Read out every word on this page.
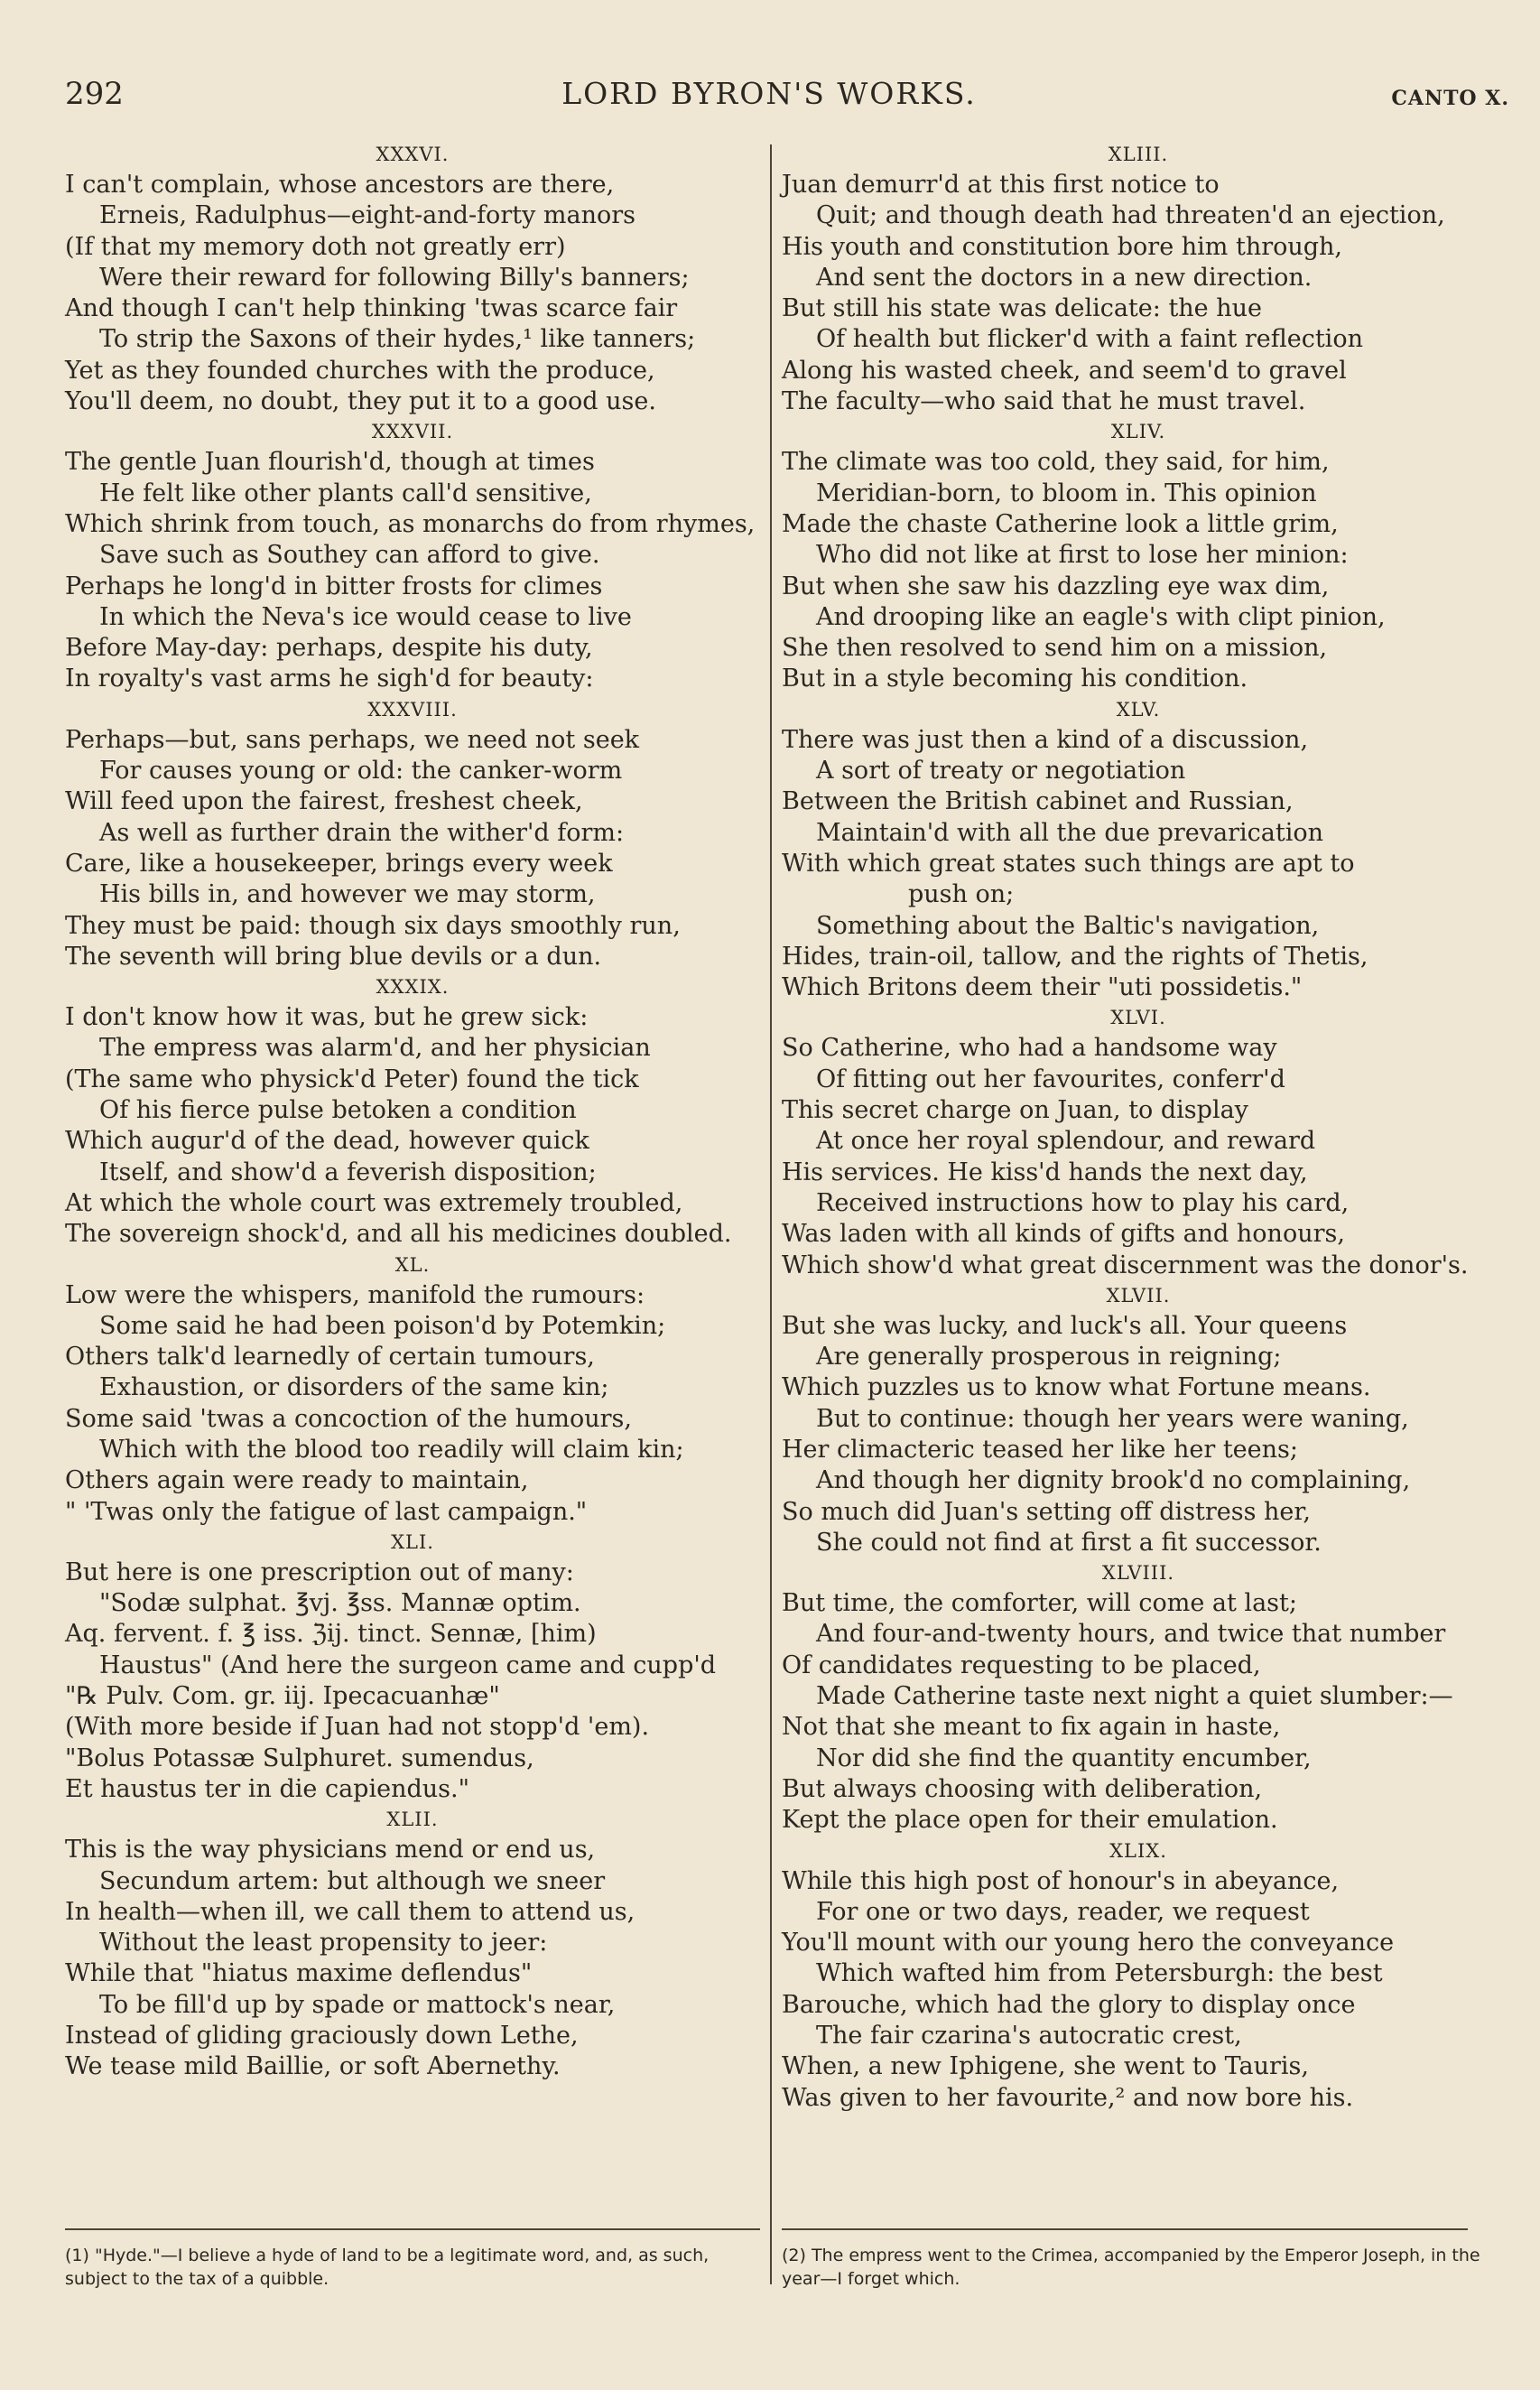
292	LORD BYRON'S WORKS.	CANTO X.
XXXVI.
I can't complain, whose ancestors are there,
Erneis, Radulphus—eight-and-forty manors
(If that my memory doth not greatly err)
Were their reward for following Billy's banners;
And though I can't help thinking 'twas scarce fair
To strip the Saxons of their hydes,¹ like tanners;
Yet as they founded churches with the produce,
You'll deem, no doubt, they put it to a good use.
XXXVII.
The gentle Juan flourish'd, though at times
He felt like other plants call'd sensitive,
Which shrink from touch, as monarchs do from rhymes,
Save such as Southey can afford to give.
Perhaps he long'd in bitter frosts for climes
In which the Neva's ice would cease to live
Before May-day: perhaps, despite his duty,
In royalty's vast arms he sigh'd for beauty:
XXXVIII.
Perhaps—but, sans perhaps, we need not seek
For causes young or old: the canker-worm
Will feed upon the fairest, freshest cheek,
As well as further drain the wither'd form:
Care, like a housekeeper, brings every week
His bills in, and however we may storm,
They must be paid: though six days smoothly run,
The seventh will bring blue devils or a dun.
XXXIX.
I don't know how it was, but he grew sick:
The empress was alarm'd, and her physician
(The same who physick'd Peter) found the tick
Of his fierce pulse betoken a condition
Which augur'd of the dead, however quick
Itself, and show'd a feverish disposition;
At which the whole court was extremely troubled,
The sovereign shock'd, and all his medicines doubled.
XL.
Low were the whispers, manifold the rumours:
Some said he had been poison'd by Potemkin;
Others talk'd learnedly of certain tumours,
Exhaustion, or disorders of the same kin;
Some said 'twas a concoction of the humours,
Which with the blood too readily will claim kin;
Others again were ready to maintain,
" 'Twas only the fatigue of last campaign."
XLI.
But here is one prescription out of many:
"Sodæ sulphat. ℥vj. ℥ss. Mannæ optim.
Aq. fervent. f. ℥ iss. ℨij. tinct. Sennæ, [him)
Haustus" (And here the surgeon came and cupp'd
"℞ Pulv. Com. gr. iij. Ipecacuanhæ"
(With more beside if Juan had not stopp'd 'em).
"Bolus Potassæ Sulphuret. sumendus,
Et haustus ter in die capiendus."
XLII.
This is the way physicians mend or end us,
Secundum artem: but although we sneer
In health—when ill, we call them to attend us,
Without the least propensity to jeer:
While that "hiatus maxime deflendus"
To be fill'd up by spade or mattock's near,
Instead of gliding graciously down Lethe,
We tease mild Baillie, or soft Abernethy.
XLIII.
Juan demurr'd at this first notice to
Quit; and though death had threaten'd an ejection,
His youth and constitution bore him through,
And sent the doctors in a new direction.
But still his state was delicate: the hue
Of health but flicker'd with a faint reflection
Along his wasted cheek, and seem'd to gravel
The faculty—who said that he must travel.
XLIV.
The climate was too cold, they said, for him,
Meridian-born, to bloom in. This opinion
Made the chaste Catherine look a little grim,
Who did not like at first to lose her minion:
But when she saw his dazzling eye wax dim,
And drooping like an eagle's with clipt pinion,
She then resolved to send him on a mission,
But in a style becoming his condition.
XLV.
There was just then a kind of a discussion,
A sort of treaty or negotiation
Between the British cabinet and Russian,
Maintain'd with all the due prevarication
With which great states such things are apt to
push on;
Something about the Baltic's navigation,
Hides, train-oil, tallow, and the rights of Thetis,
Which Britons deem their "uti possidetis."
XLVI.
So Catherine, who had a handsome way
Of fitting out her favourites, conferr'd
This secret charge on Juan, to display
At once her royal splendour, and reward
His services. He kiss'd hands the next day,
Received instructions how to play his card,
Was laden with all kinds of gifts and honours,
Which show'd what great discernment was the donor's.
XLVII.
But she was lucky, and luck's all. Your queens
Are generally prosperous in reigning;
Which puzzles us to know what Fortune means.
But to continue: though her years were waning,
Her climacteric teased her like her teens;
And though her dignity brook'd no complaining,
So much did Juan's setting off distress her,
She could not find at first a fit successor.
XLVIII.
But time, the comforter, will come at last;
And four-and-twenty hours, and twice that number
Of candidates requesting to be placed,
Made Catherine taste next night a quiet slumber:—
Not that she meant to fix again in haste,
Nor did she find the quantity encumber,
But always choosing with deliberation,
Kept the place open for their emulation.
XLIX.
While this high post of honour's in abeyance,
For one or two days, reader, we request
You'll mount with our young hero the conveyance
Which wafted him from Petersburgh: the best
Barouche, which had the glory to display once
The fair czarina's autocratic crest,
When, a new Iphigene, she went to Tauris,
Was given to her favourite,² and now bore his.
(1) "Hyde."—I believe a hyde of land to be a legitimate word, and, as such, subject to the tax of a quibble.
(2) The empress went to the Crimea, accompanied by the Emperor Joseph, in the year—I forget which.
